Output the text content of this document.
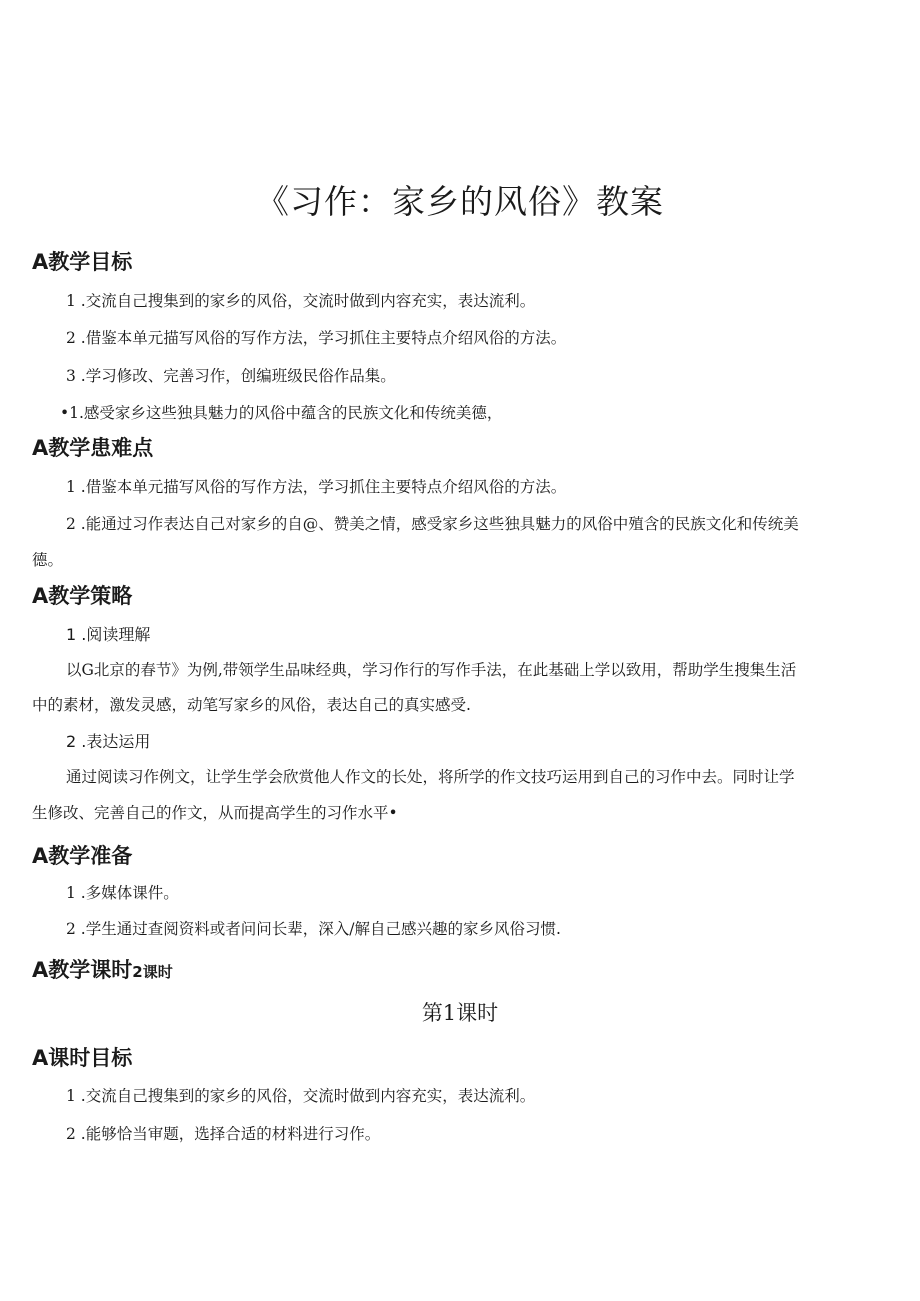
《习作：家乡的风俗》教案
A教学目标

1 .交流自己搜集到的家乡的风俗，交流时做到内容充实，表达流利。

2 .借鉴本单元描写风俗的写作方法，学习抓住主要特点介绍风俗的方法。

3 .学习修改、完善习作，创编班级民俗作品集。

•1.感受家乡这些独具魅力的风俗中蕴含的民族文化和传统美德，

A教学患难点

1 .借鉴本单元描写风俗的写作方法，学习抓住主要特点介绍风俗的方法。

2 .能通过习作表达自己对家乡的自@、赞美之情，感受家乡这些独具魅力的风俗中殖含的民族文化和传统美

德。

A教学策略

1 .阅读理解

以G北京的春节》为例,带领学生品味经典，学习作行的写作手法，在此基础上学以致用，帮助学生搜集生活

中的素材，激发灵感，动笔写家乡的风俗，表达自己的真实感受.

2 .表达运用

通过阅读习作例文，让学生学会欣赏他人作文的长处，将所学的作文技巧运用到自己的习作中去。同时让学

生修改、完善自己的作文，从而提高学生的习作水平•

A教学准备

1 .多媒体课件。

2 .学生通过查阅资料或者问问长辈，深入/解自己感兴趣的家乡风俗习惯.

A教学课时2课时

第1课时

A课时目标

1 .交流自己搜集到的家乡的风俗，交流时做到内容充实，表达流利。

2 .能够恰当审题，选择合适的材料进行习作。
